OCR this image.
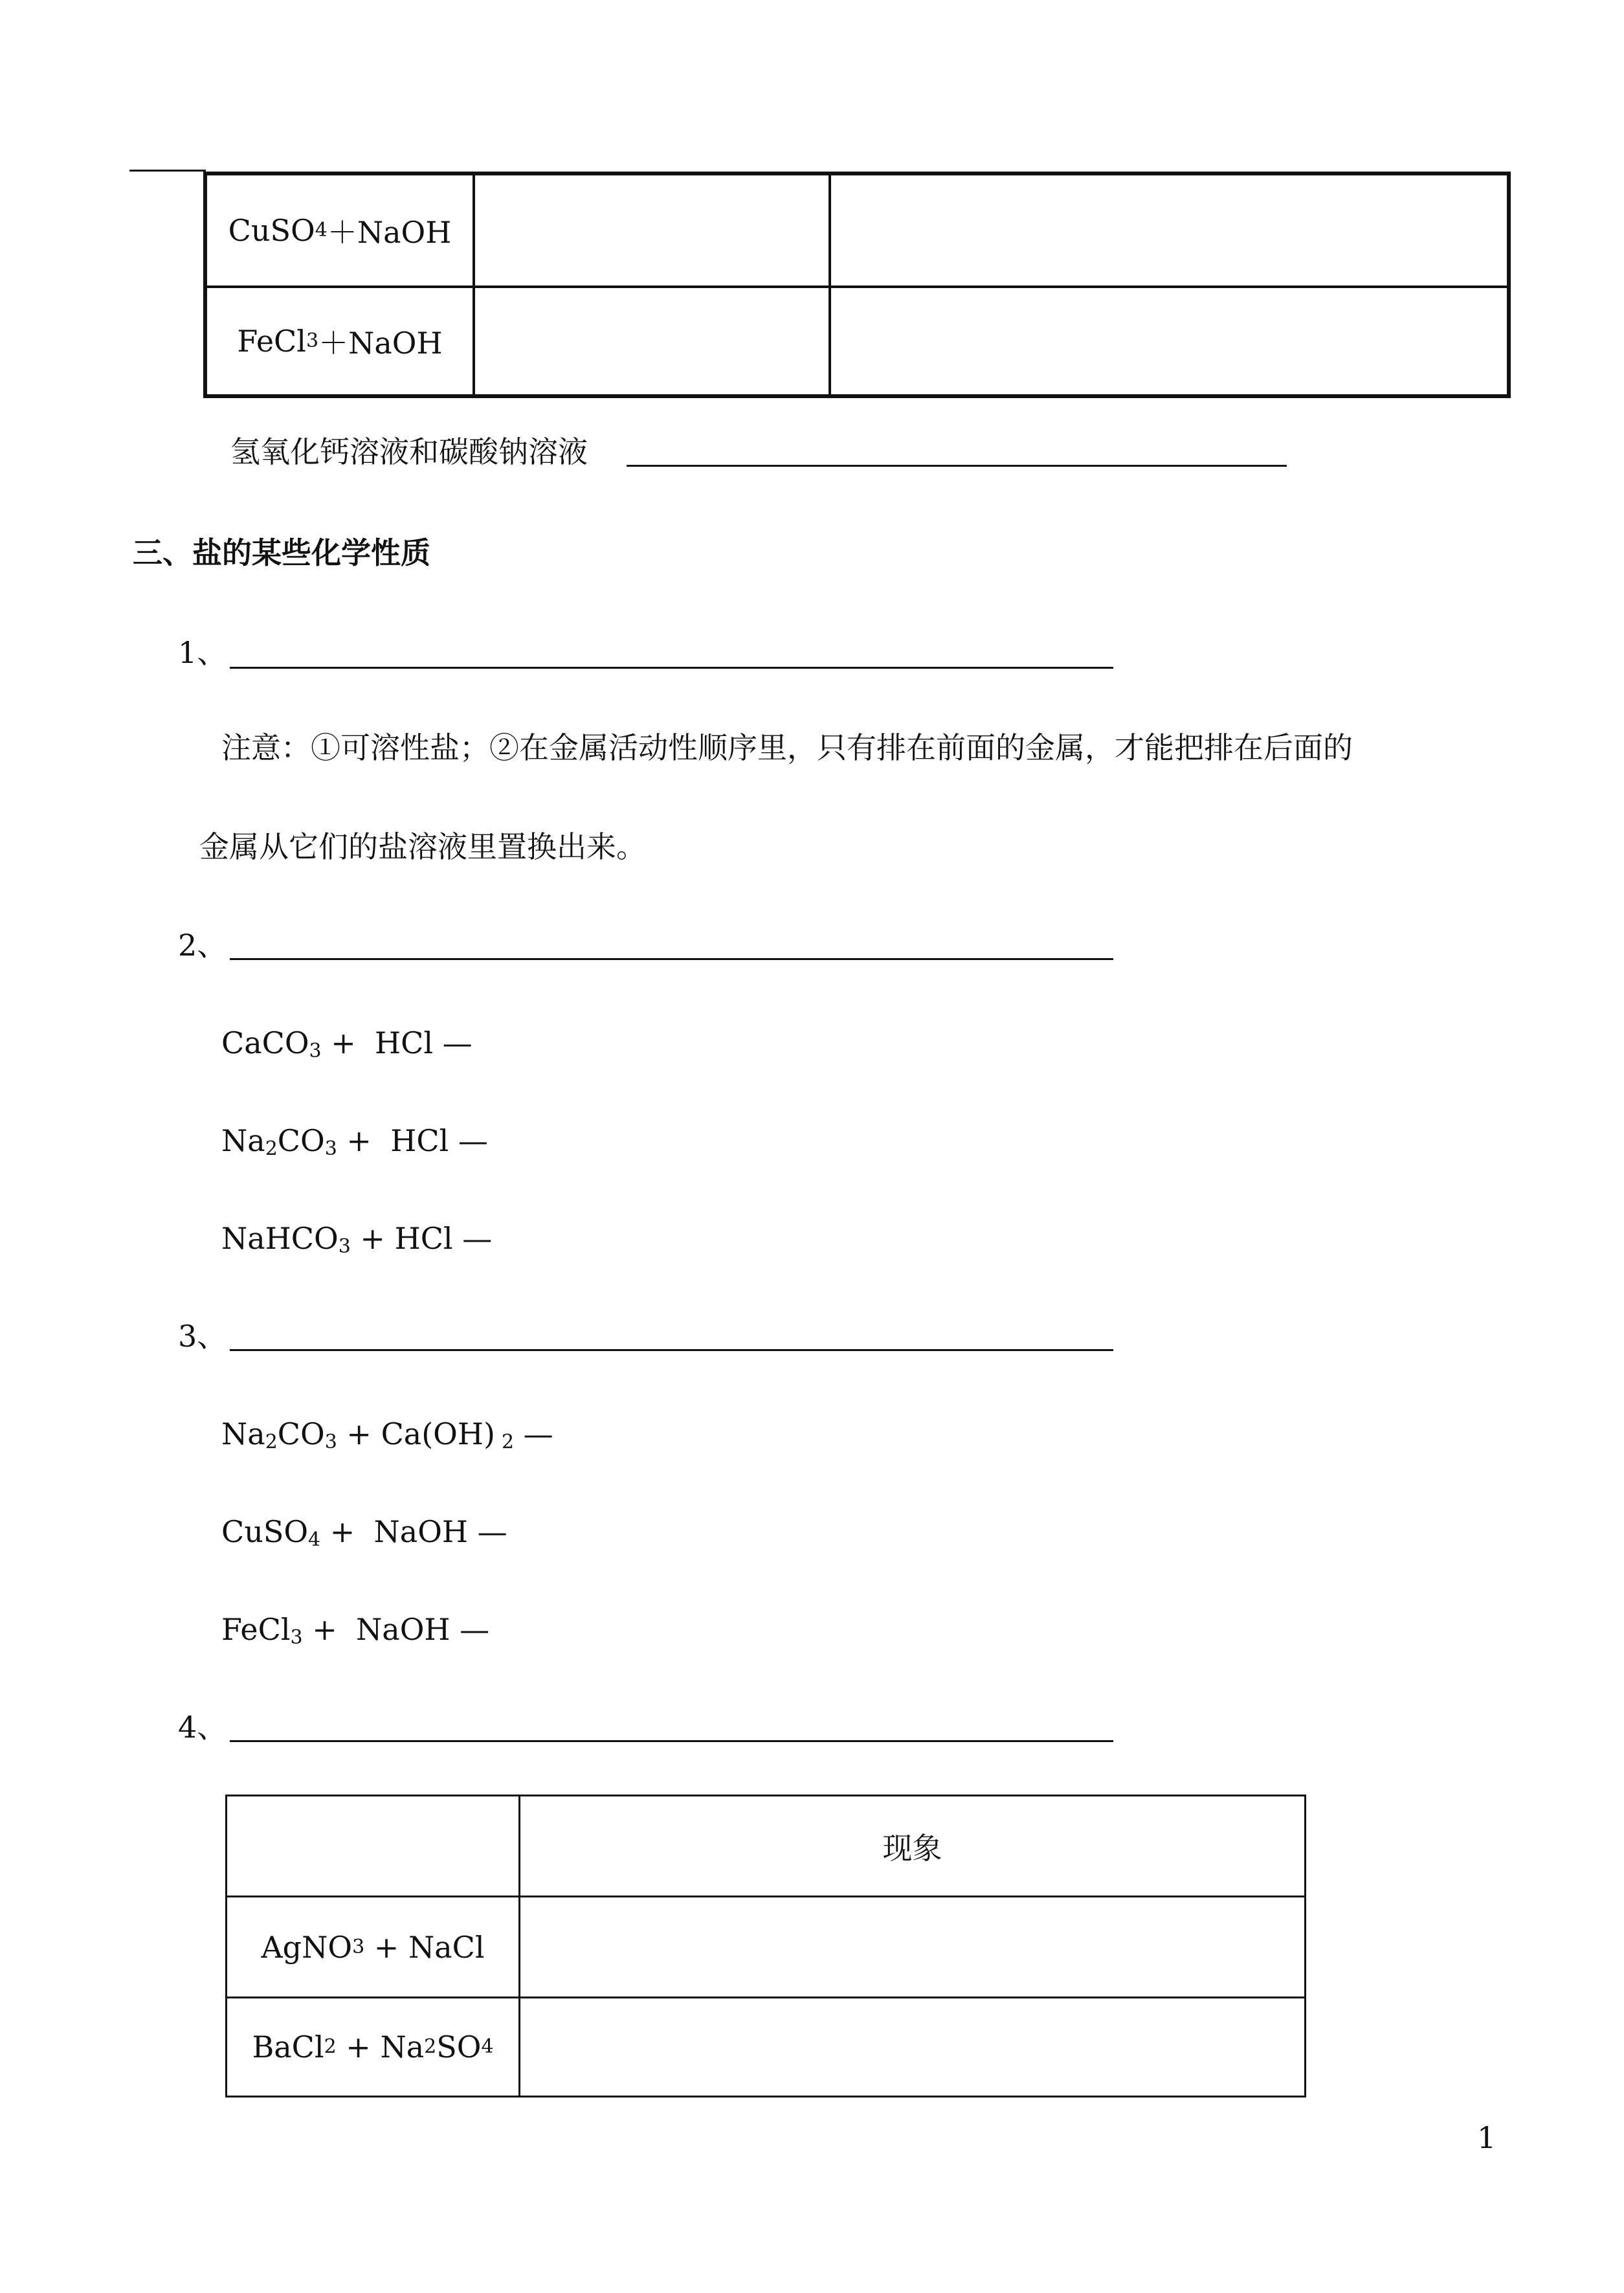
CuSO 4 ＋NaOH
FeCl 3 ＋NaOH
氢氧化钙溶液和碳酸钠溶液
三、盐的某些化学性质
1、
注意：①可溶性盐；②在金属活动性顺序里，只有排在前面的金属，才能把排在后面的
金属从它们的盐溶液里置换出来。
2、
CaCO$_3$ +  HCl —
$Na_2CO_3$ +  HCl —
NaHCO$_3$ + HCl —
3、
$Na_2CO_3 + Ca(OH)$ $_2$ —
CuSO$_4$ +  NaOH —
FeCl$_3$ +  NaOH —
4、
现象
AgNO 3 + NaCl
BaCl 2 + Na 2 SO 4
1
